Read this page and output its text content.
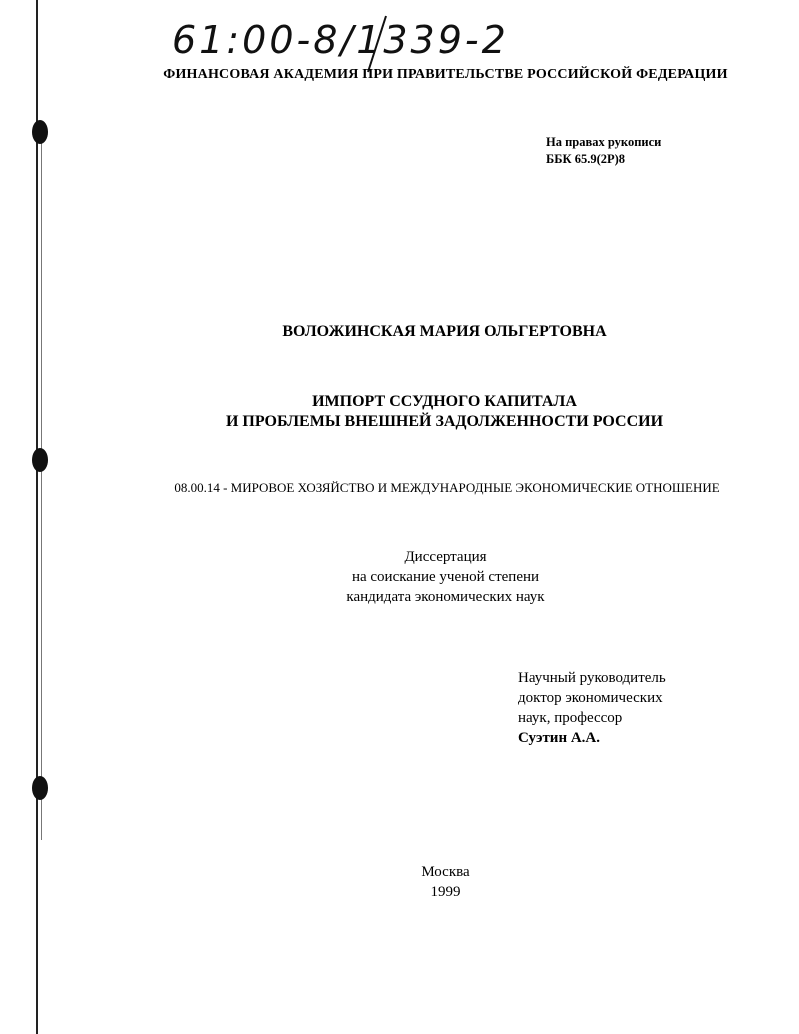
61:00-8/1339-2
ФИНАНСОВАЯ АКАДЕМИЯ ПРИ ПРАВИТЕЛЬСТВЕ РОССИЙСКОЙ ФЕДЕРАЦИИ
На правах рукописи
ББК 65.9(2Р)8
ВОЛОЖИНСКАЯ МАРИЯ ОЛЬГЕРТОВНА
ИМПОРТ ССУДНОГО КАПИТАЛА
И ПРОБЛЕМЫ ВНЕШНЕЙ ЗАДОЛЖЕННОСТИ РОССИИ
08.00.14 - МИРОВОЕ ХОЗЯЙСТВО И МЕЖДУНАРОДНЫЕ ЭКОНОМИЧЕСКИЕ ОТНОШЕНИЕ
Диссертация
на соискание ученой степени
кандидата экономических наук
Научный руководитель
доктор экономических
наук, профессор
Суэтин А.А.
Москва
1999
